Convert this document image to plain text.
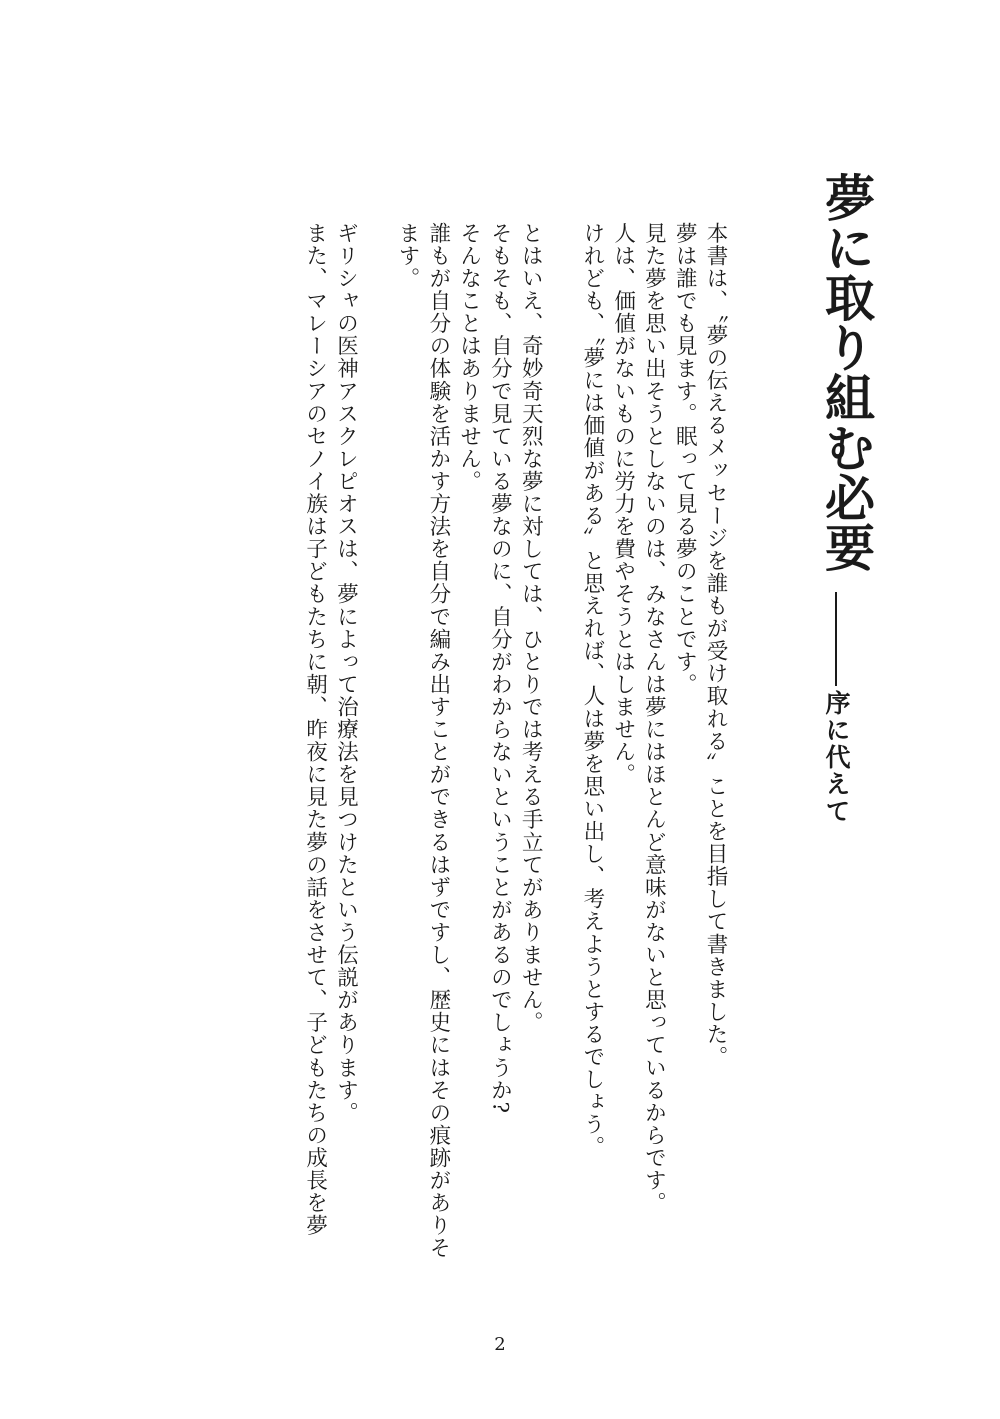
夢に取り組む必要
序に代えて

本書は、〝夢の伝えるメッセージを誰もが受け取れる〟ことを目指して書きました。

夢は誰でも見ます。眠って見る夢のことです。

見た夢を思い出そうとしないのは、みなさんは夢にはほとんど意味がないと思っているからです。

人は、価値がないものに労力を費やそうとはしません。

けれども、〝夢には価値がある〟と思えれば、人は夢を思い出し、考えようとするでしょう。

とはいえ、奇妙奇天烈な夢に対しては、ひとりでは考える手立てがありません。

そもそも、自分で見ている夢なのに、自分がわからないということがあるのでしょうか?

そんなことはありません。

誰もが自分の体験を活かす方法を自分で編み出すことができるはずですし、歴史にはその痕跡がありそます。

ギリシャの医神アスクレピオスは、夢によって治療法を見つけたという伝説があります。

また、マレーシアのセノイ族は子どもたちに朝、昨夜に見た夢の話をさせて、子どもたちの成長を夢

2
